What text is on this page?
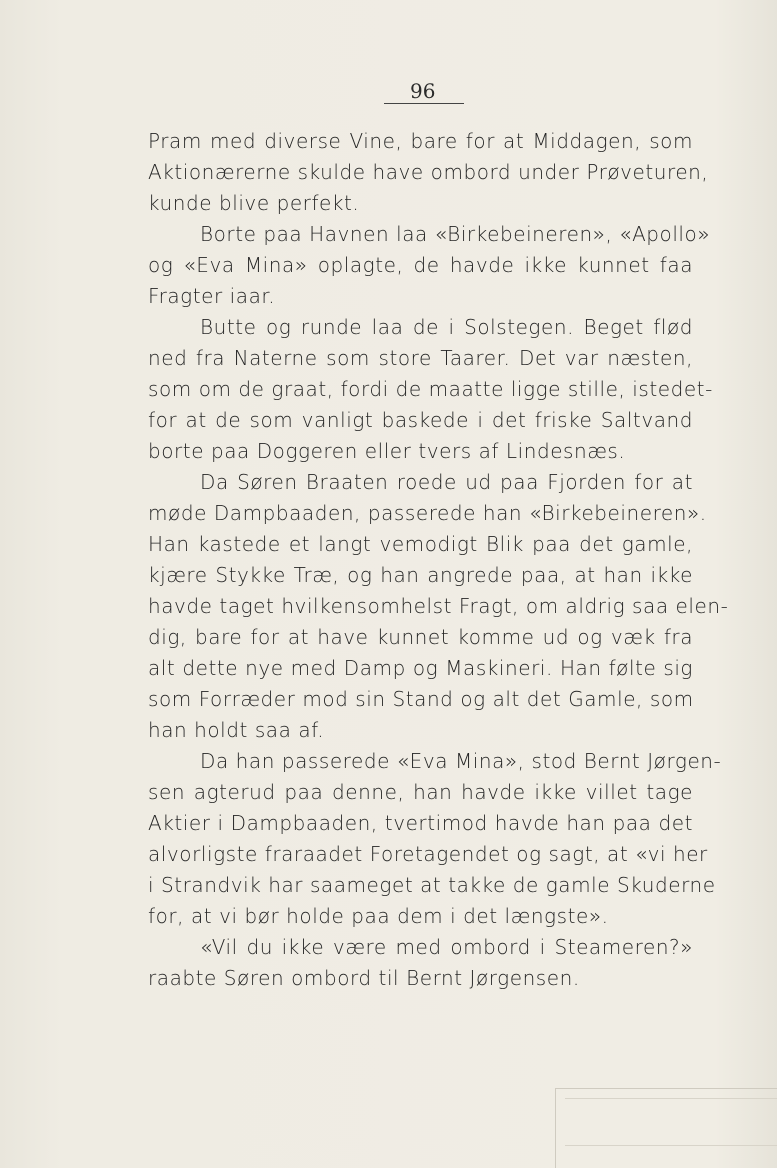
96
Pram med diverse Vine, bare for at Middagen, som
Aktionærerne skulde have ombord under Prøveturen,
kunde blive perfekt.
Borte paa Havnen laa «Birkebeineren», «Apollo»
og «Eva Mina» oplagte, de havde ikke kunnet faa
Fragter iaar.
Butte og runde laa de i Solstegen. Beget flød
ned fra Naterne som store Taarer. Det var næsten,
som om de graat, fordi de maatte ligge stille, istedet-
for at de som vanligt baskede i det friske Saltvand
borte paa Doggeren eller tvers af Lindesnæs.
Da Søren Braaten roede ud paa Fjorden for at
møde Dampbaaden, passerede han «Birkebeineren».
Han kastede et langt vemodigt Blik paa det gamle,
kjære Stykke Træ, og han angrede paa, at han ikke
havde taget hvilkensomhelst Fragt, om aldrig saa elen-
dig, bare for at have kunnet komme ud og væk fra
alt dette nye med Damp og Maskineri. Han følte sig
som Forræder mod sin Stand og alt det Gamle, som
han holdt saa af.
Da han passerede «Eva Mina», stod Bernt Jørgen-
sen agterud paa denne, han havde ikke villet tage
Aktier i Dampbaaden, tvertimod havde han paa det
alvorligste fraraadet Foretagendet og sagt, at «vi her
i Strandvik har saameget at takke de gamle Skuderne
for, at vi bør holde paa dem i det længste».
«Vil du ikke være med ombord i Steameren?»
raabte Søren ombord til Bernt Jørgensen.
